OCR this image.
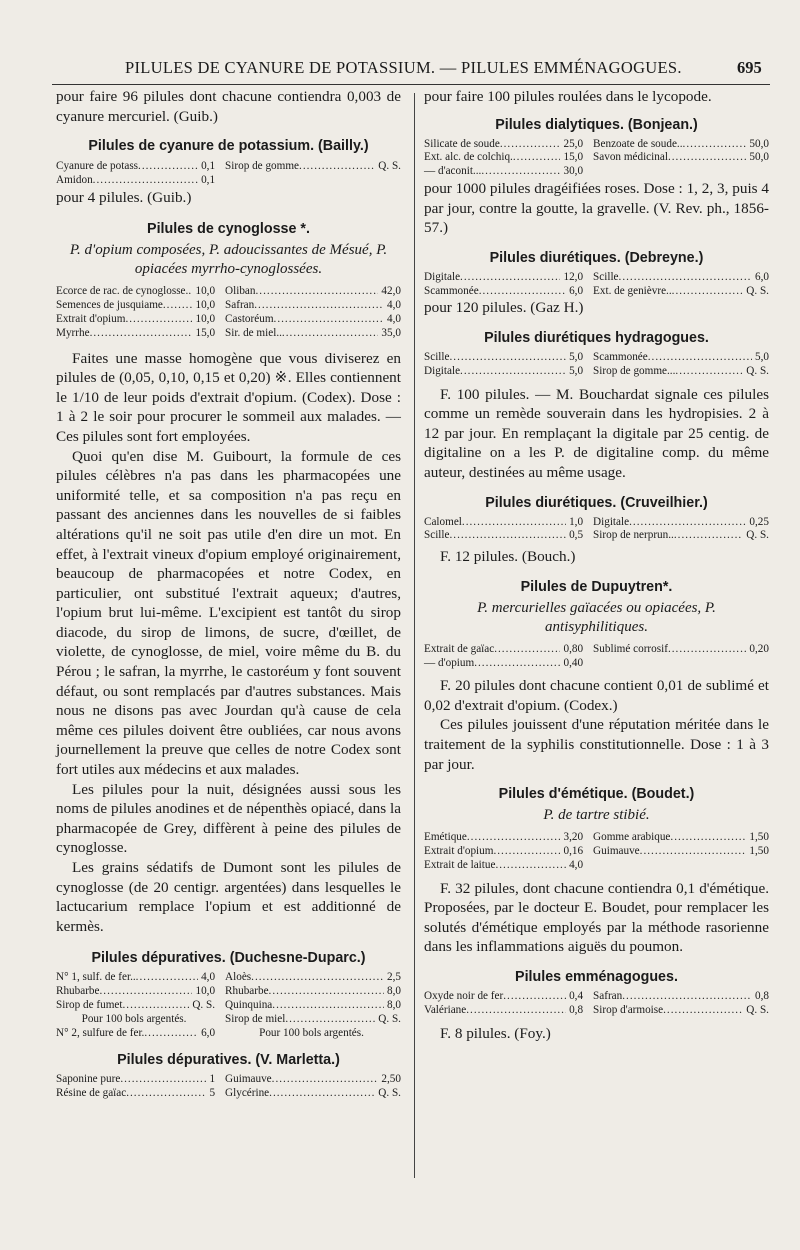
PILULES DE CYANURE DE POTASSIUM. — PILULES EMMÉNAGOGUES.	695

pour faire 96 pilules dont chacune contiendra 0,003 de cyanure mercuriel. (Guib.)

Pilules de cyanure de potassium. (Bailly.)

Cyanure de potass .....	0,1 Sirop de gomme .....	Q. S.
Amidon .....	0,1

pour 4 pilules. (Guib.)

Pilules de cynoglosse *.

P. d'opium composées, P. adoucissantes de Mésué, P. opiacées myrrho-cynoglossées.

Ecorce de rac. de cynoglosse. ..... 10,0 Oliban .....	42,0
Semences de jusquiame .....	10,0 Safran .....	4,0
Extrait d'opium .....	10,0 Castoréum .....	4,0
Myrrhe .....	15,0 Sir. de miel.. .....	35,0

Faites une masse homogène que vous diviserez en pilules de (0,05, 0,10, 0,15 et 0,20) ※. Elles contiennent le 1/10 de leur poids d'extrait d'opium. (Codex). Dose : 1 à 2 le soir pour procurer le sommeil aux malades. — Ces pilules sont fort employées.

Quoi qu'en dise M. Guibourt, la formule de ces pilules célèbres n'a pas dans les pharmacopées une uniformité telle, et sa composition n'a pas reçu en passant des anciennes dans les nouvelles de si faibles altérations qu'il ne soit pas utile d'en dire un mot. En effet, à l'extrait vineux d'opium employé originairement, beaucoup de pharmacopées et notre Codex, en particulier, ont substitué l'extrait aqueux; d'autres, l'opium brut lui-même. L'excipient est tantôt du sirop diacode, du sirop de limons, de sucre, d'œillet, de violette, de cynoglosse, de miel, voire même du B. du Pérou ; le safran, la myrrhe, le castoréum y font souvent défaut, ou sont remplacés par d'autres substances. Mais nous ne disons pas avec Jourdan qu'à cause de cela même ces pilules doivent être oubliées, car nous avons journellement la preuve que celles de notre Codex sont fort utiles aux médecins et aux malades.

Les pilules pour la nuit, désignées aussi sous les noms de pilules anodines et de népenthès opiacé, dans la pharmacopée de Grey, diffèrent à peine des pilules de cynoglosse.

Les grains sédatifs de Dumont sont les pilules de cynoglosse (de 20 centigr. argentées) dans lesquelles le lactucarium remplace l'opium et est additionné de kermès.

Pilules dépuratives. (Duchesne-Duparc.)

N° 1, sulf. de fer.. .....	4,0 Aloès .....	2,5
Rhubarbe .....	10,0 Rhubarbe .....	8,0
Sirop de fumet .....	Q. S. Quinquina .....	8,0
Pour 100 bols argentés.	Sirop de miel .....	Q. S.
N° 2, sulfure de fer. .....	6,0	Pour 100 bols argentés.

Pilules dépuratives. (V. Marletta.)

Saponine pure .....	1 Guimauve .....	2,50
Résine de gaïac .....	5 Glycérine .....	Q. S.

pour faire 100 pilules roulées dans le lycopode.

Pilules dialytiques. (Bonjean.)

Silicate de soude .....	25,0 Benzoate de soude.. .....	50,0
Ext. alc. de colchiq. .....	15,0 Savon médicinal .....	50,0
— d'aconit... .....	30,0

pour 1000 pilules dragéifiées roses. Dose : 1, 2, 3, puis 4 par jour, contre la goutte, la gravelle. (V. Rev. ph., 1856-57.)

Pilules diurétiques. (Debreyne.)

Digitale .....	12,0 Scille .....	6,0
Scammonée .....	6,0 Ext. de genièvre.. .....	Q. S.

pour 120 pilules. (Gaz H.)

Pilules diurétiques hydragogues.

Scille .....	5,0 Scammonée .....	5,0
Digitale .....	5,0 Sirop de gomme... .....	Q. S.

F. 100 pilules. — M. Bouchardat signale ces pilules comme un remède souverain dans les hydropisies. 2 à 12 par jour. En remplaçant la digitale par 25 centig. de digitaline on a les P. de digitaline comp. du même auteur, destinées au même usage.

Pilules diurétiques. (Cruveilhier.)

Calomel .....	1,0 Digitale .....	0,25
Scille .....	0,5 Sirop de nerprun.. .....	Q. S.

F. 12 pilules. (Bouch.)

Pilules de Dupuytren*.

P. mercurielles gaïacées ou opiacées, P. antisyphilitiques.

Extrait de gaïac .....	0,80 Sublimé corrosif .....	0,20
— d'opium .....	0,40

F. 20 pilules dont chacune contient 0,01 de sublimé et 0,02 d'extrait d'opium. (Codex.)

Ces pilules jouissent d'une réputation méritée dans le traitement de la syphilis constitutionnelle. Dose : 1 à 3 par jour.

Pilules d'émétique. (Boudet.)

P. de tartre stibié.

Emétique .....	3,20 Gomme arabique .....	1,50
Extrait d'opium .....	0,16 Guimauve .....	1,50
Extrait de laitue .....	4,0

F. 32 pilules, dont chacune contiendra 0,1 d'émétique. Proposées, par le docteur E. Boudet, pour remplacer les solutés d'émétique employés par la méthode rasorienne dans les inflammations aiguës du poumon.

Pilules emménagogues.

Oxyde noir de fer .....	0,4 Safran .....	0,8
Valériane .....	0,8 Sirop d'armoise .....	Q. S.

F. 8 pilules. (Foy.)
